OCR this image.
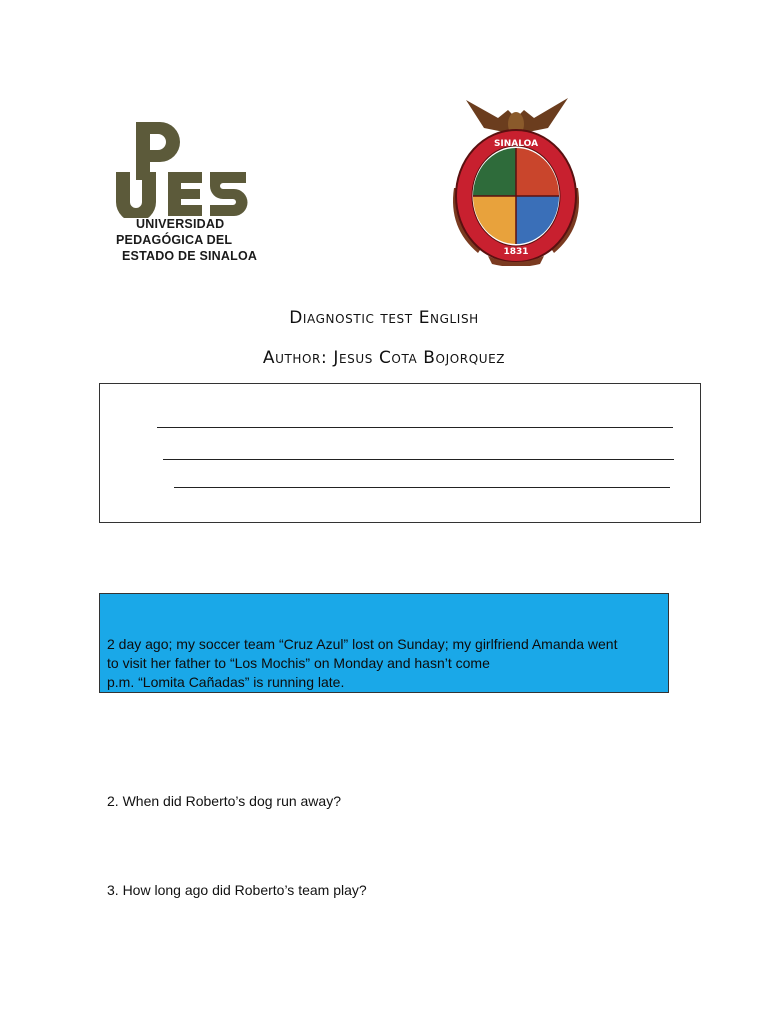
UNIVERSIDAD
PEDAGÓGICA DEL
ESTADO DE SINALOA
SINALOA
1831
Diagnostic test English
Author: Jesus Cota Bojorquez
2 day ago; my soccer team “Cruz Azul” lost on Sunday; my girlfriend Amanda went
to visit her father to “Los Mochis” on Monday and hasn’t come
p.m. “Lomita Cañadas” is running late.
2. When did Roberto’s dog run away?
3. How long ago did Roberto’s team play?
